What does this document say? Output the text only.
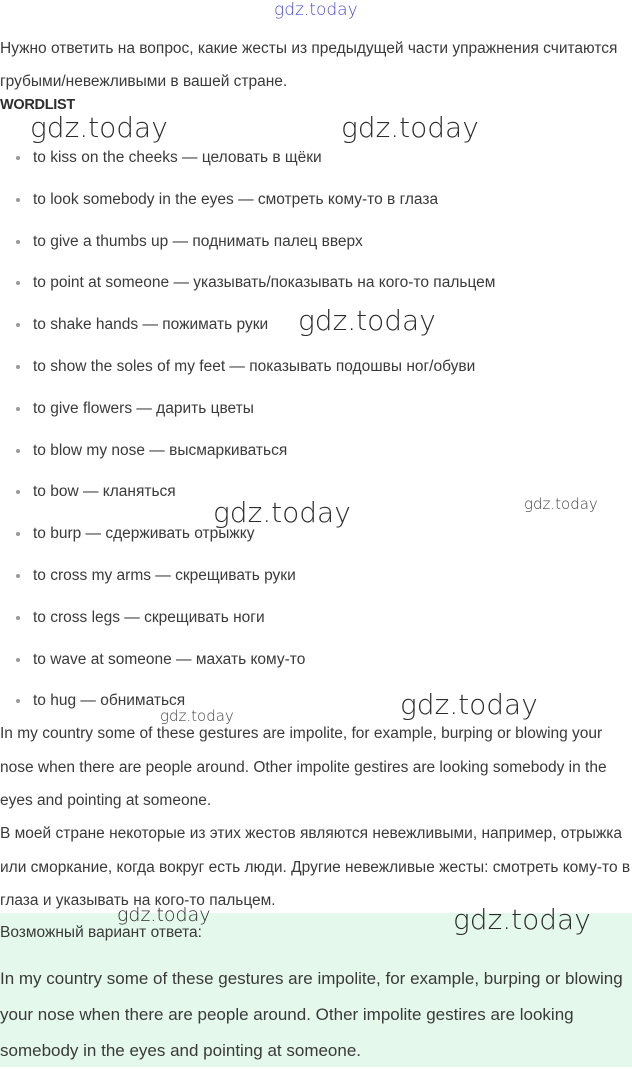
gdz.today

Нужно ответить на вопрос, какие жесты из предыдущей части упражнения считаются грубыми/невежливыми в вашей стране.

WORDLIST
to kiss on the cheeks — целовать в щёки
to look somebody in the eyes — смотреть кому-то в глаза
to give a thumbs up — поднимать палец вверх
to point at someone — указывать/показывать на кого-то пальцем
to shake hands — пожимать руки
to show the soles of my feet — показывать подошвы ног/обуви
to give flowers — дарить цветы
to blow my nose — высмаркиваться
to bow — кланяться
to burp — сдерживать отрыжку
to cross my arms — скрещивать руки
to cross legs — скрещивать ноги
to wave at someone — махать кому-то
to hug — обниматься

In my country some of these gestures are impolite, for example, burping or blowing your nose when there are people around. Other impolite gestires are looking somebody in the eyes and pointing at someone.

В моей стране некоторые из этих жестов являются невежливыми, например, отрыжка или сморкание, когда вокруг есть люди. Другие невежливые жесты: смотреть кому-то в глаза и указывать на кого-то пальцем.

Возможный вариант ответа:

In my country some of these gestures are impolite, for example, burping or blowing your nose when there are people around. Other impolite gestires are looking somebody in the eyes and pointing at someone.

gdz.today	gdz.today
gdz.today
gdz.today	gdz.today
gdz.today
gdz.today
gdz.today	gdz.today
